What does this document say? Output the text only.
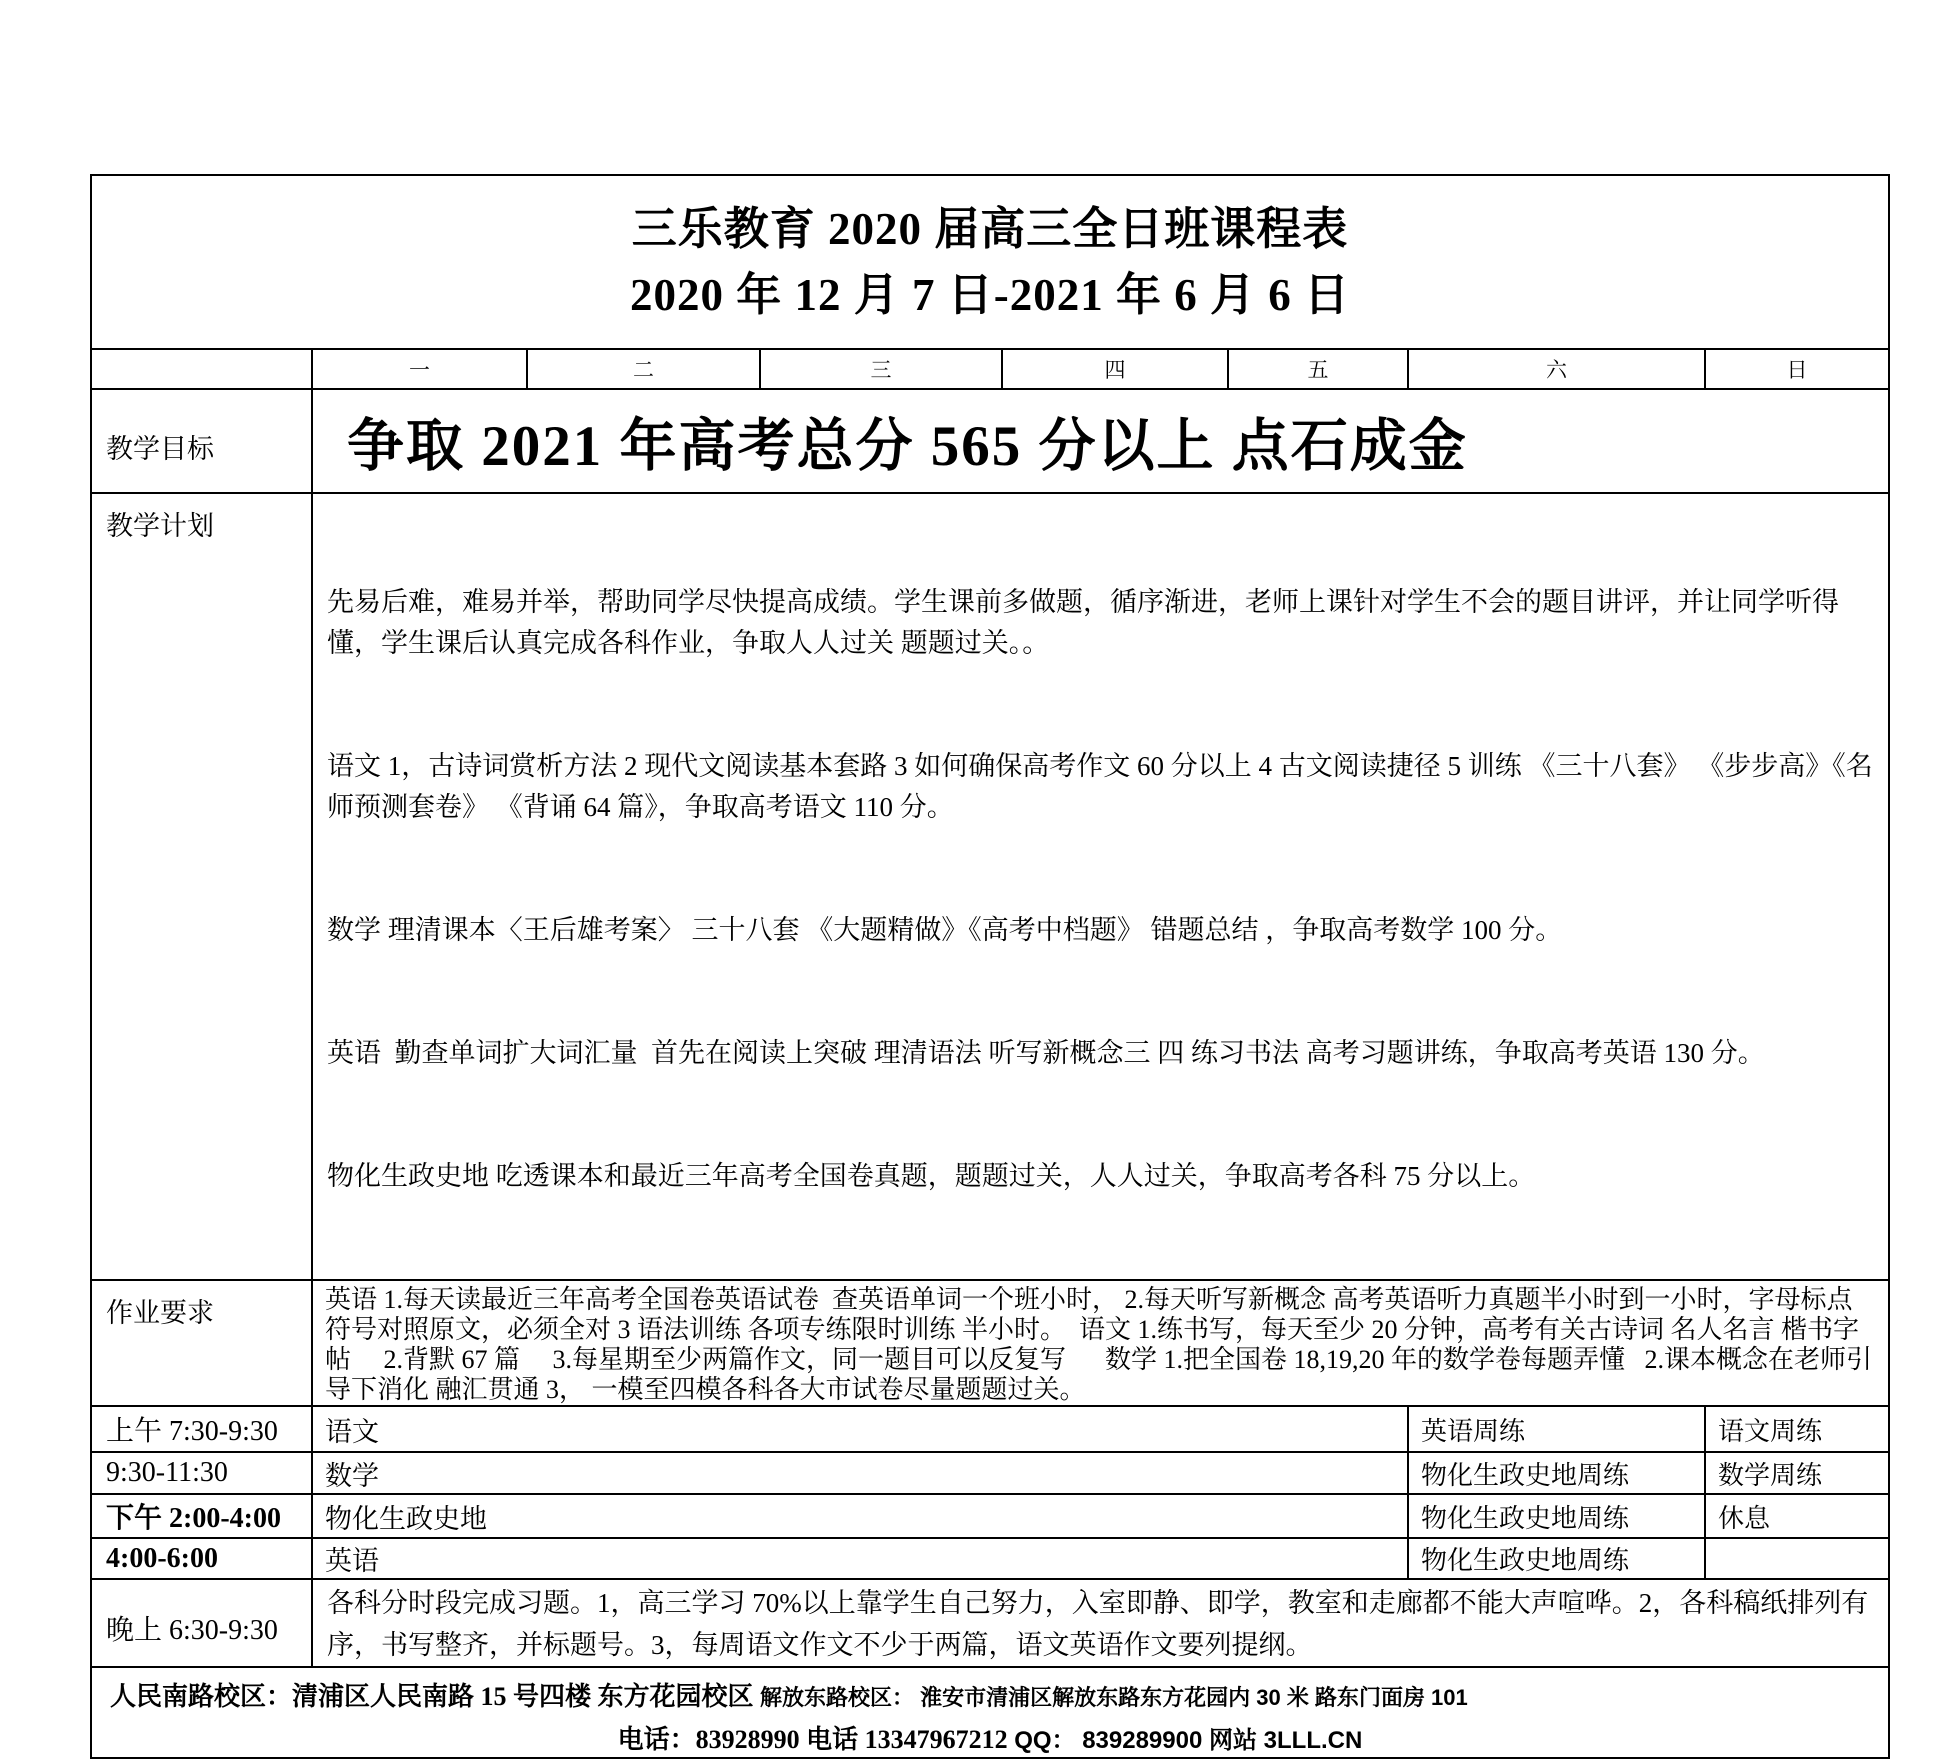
三乐教育 2020 届高三全日班课程表
2020 年 12 月 7 日-2021 年 6 月 6 日							

	一	二	三	四	五	六	日
教学目标	争取 2021 年高考总分 565 分以上 点石成金						
教学计划	先易后难，难易并举，帮助同学尽快提高成绩。学生课前多做题，循序渐进，老师上课针对学生不会的题目讲评，并让同学听得懂，学生课后认真完成各科作业，争取人人过关 题题过关。。

语文 1，古诗词赏析方法 2 现代文阅读基本套路 3 如何确保高考作文 60 分以上 4 古文阅读捷径 5 训练 《三十八套》 《步步高》《名师预测套卷》 《背诵 64 篇》，争取高考语文 110 分。

数学 理清课本〈王后雄考案〉 三十八套 《大题精做》《高考中档题》 错题总结 ，争取高考数学 100 分。

英语  勤查单词扩大词汇量  首先在阅读上突破 理清语法 听写新概念三 四 练习书法 高考习题讲练，争取高考英语 130 分。

物化生政史地 吃透课本和最近三年高考全国卷真题，题题过关，人人过关，争取高考各科 75 分以上。						

作业要求	英语 1.每天读最近三年高考全国卷英语试卷  查英语单词一个班小时， 2.每天听写新概念 高考英语听力真题半小时到一小时，字母标点符号对照原文，必须全对 3 语法训练 各项专练限时训练 半小时。  语文 1.练书写，每天至少 20 分钟，高考有关古诗词 名人名言 楷书字帖     2.背默 67 篇     3.每星期至少两篇作文，同一题目可以反复写      数学 1.把全国卷 18,19,20 年的数学卷每题弄懂   2.课本概念在老师引导下消化 融汇贯通 3， 一模至四模各科各大市试卷尽量题题过关。						

上午 7:30-9:30	语文					英语周练	语文周练
9:30-11:30	数学					物化生政史地周练	数学周练
下午 2:00-4:00	物化生政史地					物化生政史地周练	休息
4:00-6:00	英语					物化生政史地周练	
晚上 6:30-9:30	各科分时段完成习题。1，高三学习 70%以上靠学生自己努力，入室即静、即学，教室和走廊都不能大声喧哗。2，各科稿纸排列有序，书写整齐，并标题号。3，每周语文作文不少于两篇，语文英语作文要列提纲。						

人民南路校区：清浦区人民南路 15 号四楼 东方花园校区 解放东路校区： 淮安市清浦区解放东路东方花园内 30 米 路东门面房 101
电话：83928990 电话 13347967212 QQ： 839289900 网站 3LLL.CN							
